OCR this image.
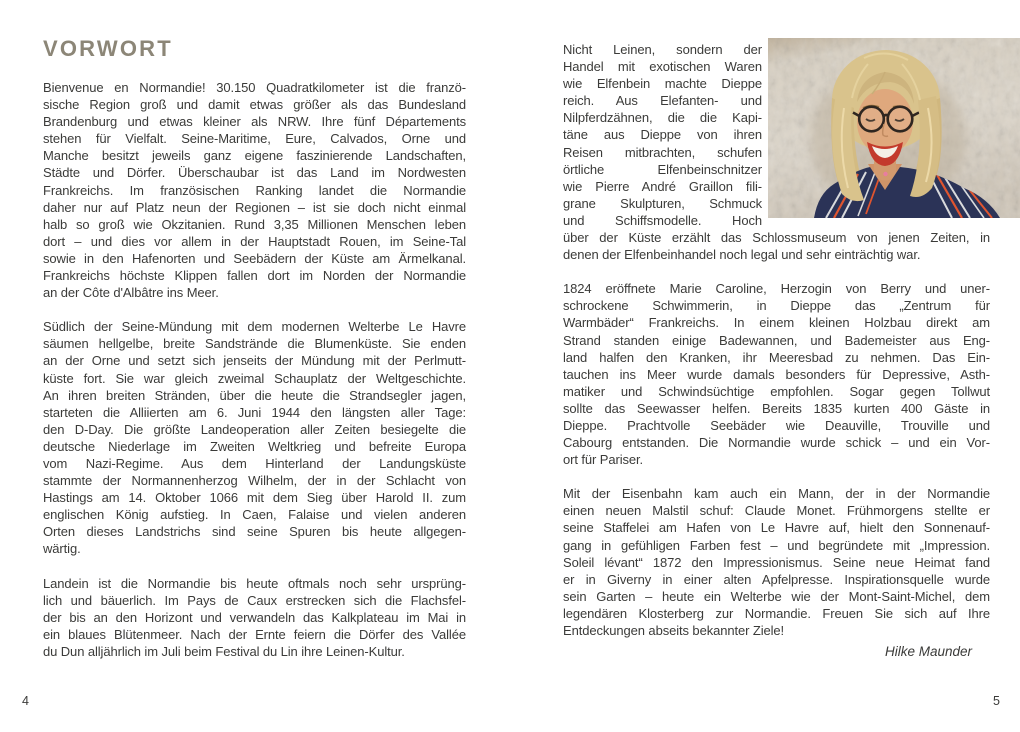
VORWORT
Bienvenue en Normandie! 30.150 Quadratkilometer ist die franzö-
sische Region groß und damit etwas größer als das Bundesland
Brandenburg und etwas kleiner als NRW. Ihre fünf Départements
stehen für Vielfalt. Seine-Maritime, Eure, Calvados, Orne und
Manche besitzt jeweils ganz eigene faszinierende Landschaften,
Städte und Dörfer. Überschaubar ist das Land im Nordwesten
Frankreichs. Im französischen Ranking landet die Normandie
daher nur auf Platz neun der Regionen – ist sie doch nicht einmal
halb so groß wie Okzitanien. Rund 3,35 Millionen Menschen leben
dort – und dies vor allem in der Hauptstadt Rouen, im Seine-Tal
sowie in den Hafenorten und Seebädern der Küste am Ärmelkanal.
Frankreichs höchste Klippen fallen dort im Norden der Normandie
an der Côte d'Albâtre ins Meer.
Südlich der Seine-Mündung mit dem modernen Welterbe Le Havre
säumen hellgelbe, breite Sandstrände die Blumenküste. Sie enden
an der Orne und setzt sich jenseits der Mündung mit der Perlmutt-
küste fort. Sie war gleich zweimal Schauplatz der Weltgeschichte.
An ihren breiten Stränden, über die heute die Strandsegler jagen,
starteten die Alliierten am 6. Juni 1944 den längsten aller Tage:
den D-Day. Die größte Landeoperation aller Zeiten besiegelte die
deutsche Niederlage im Zweiten Weltkrieg und befreite Europa
vom Nazi-Regime. Aus dem Hinterland der Landungsküste
stammte der Normannenherzog Wilhelm, der in der Schlacht von
Hastings am 14. Oktober 1066 mit dem Sieg über Harold II. zum
englischen König aufstieg. In Caen, Falaise und vielen anderen
Orten dieses Landstrichs sind seine Spuren bis heute allgegen-
wärtig.
Landein ist die Normandie bis heute oftmals noch sehr ursprüng-
lich und bäuerlich. Im Pays de Caux erstrecken sich die Flachsfel-
der bis an den Horizont und verwandeln das Kalkplateau im Mai in
ein blaues Blütenmeer. Nach der Ernte feiern die Dörfer des Vallée
du Dun alljährlich im Juli beim Festival du Lin ihre Leinen-Kultur.
4
Nicht Leinen, sondern der
Handel mit exotischen Waren
wie Elfenbein machte Dieppe
reich. Aus Elefanten- und
Nilpferdzähnen, die die Kapi-
täne aus Dieppe von ihren
Reisen mitbrachten, schufen
örtliche Elfenbeinschnitzer
wie Pierre André Graillon fili-
grane Skulpturen, Schmuck
und Schiffsmodelle. Hoch
über der Küste erzählt das Schlossmuseum von jenen Zeiten, in
denen der Elfenbeinhandel noch legal und sehr einträchtig war.
1824 eröffnete Marie Caroline, Herzogin von Berry und uner-
schrockene Schwimmerin, in Dieppe das „Zentrum für
Warmbäder“ Frankreichs. In einem kleinen Holzbau direkt am
Strand standen einige Badewannen, und Bademeister aus Eng-
land halfen den Kranken, ihr Meeresbad zu nehmen. Das Ein-
tauchen ins Meer wurde damals besonders für Depressive, Asth-
matiker und Schwindsüchtige empfohlen. Sogar gegen Tollwut
sollte das Seewasser helfen. Bereits 1835 kurten 400 Gäste in
Dieppe. Prachtvolle Seebäder wie Deauville, Trouville und
Cabourg entstanden. Die Normandie wurde schick – und ein Vor-
ort für Pariser.
Mit der Eisenbahn kam auch ein Mann, der in der Normandie
einen neuen Malstil schuf: Claude Monet. Frühmorgens stellte er
seine Staffelei am Hafen von Le Havre auf, hielt den Sonnenauf-
gang in gefühligen Farben fest – und begründete mit „Impression.
Soleil lévant“ 1872 den Impressionismus. Seine neue Heimat fand
er in Giverny in einer alten Apfelpresse. Inspirationsquelle wurde
sein Garten – heute ein Welterbe wie der Mont-Saint-Michel, dem
legendären Klosterberg zur Normandie. Freuen Sie sich auf Ihre
Entdeckungen abseits bekannter Ziele!
Hilke Maunder
5
